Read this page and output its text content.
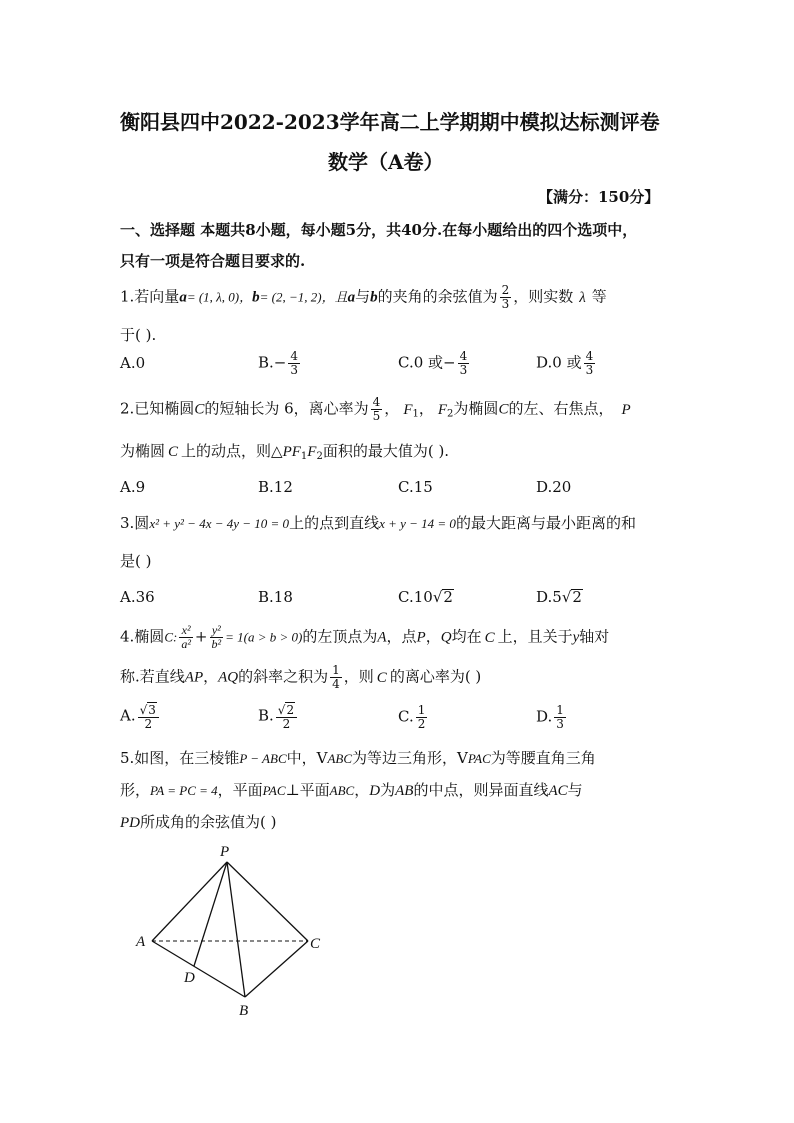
衡阳县四中2022-2023学年高二上学期期中模拟达标测评卷
数学（A卷）
【满分：150分】
一、选择题 本题共8小题，每小题5分，共40分.在每小题给出的四个选项中，
只有一项是符合题目要求的.
1.若向量a= (1, λ, 0)，b= (2, −1, 2)，且a与b的夹角的余弦值为 $\frac{2}{3}$ ，则实数 λ 等
于( ).
A.0	$B.- \frac{4}{3}$	C.0 或− $\frac{4}{3}$	D.0 或 $\frac{4}{3}$
2.已知椭圆C的短轴长为 6，离心率为 $\frac{4}{5}$ ， $F_1$， $F_2$为椭圆C的左、右焦点， P
为椭圆 C 上的动点，则$\triangle PF_1F_2$面积的最大值为( ).
A.9	B.12	C.15	D.20
3.圆x² + y² − 4x − 4y − 10 = 0上的点到直线x + y − 14 = 0的最大距离与最小距离的和
是( )
A.36	B.18	C.10√2	D.5√2
4.椭圆C: $\frac{\text{x²}}{\text{a²}} + \frac{\text{y²}}{\text{b²}} = 1(a > b > 0)$的左顶点为A，点P，Q均在 C 上，且关于y轴对
称.若直线AP，AQ的斜率之积为 $\frac{1}{4}$ ，则 C 的离心率为( )
A. $\frac{√3}{2}$	B. $\frac{√2}{2}$	C. $\frac{1}{2}$	D. $\frac{1}{3}$
5.如图，在三棱锥P − ABC中，VABC为等边三角形，VPAC为等腰直角三角
形，PA = PC = 4，平面PAC⊥平面ABC，D为AB的中点，则异面直线AC与
PD所成角的余弦值为( )
P
A	C
D
B
